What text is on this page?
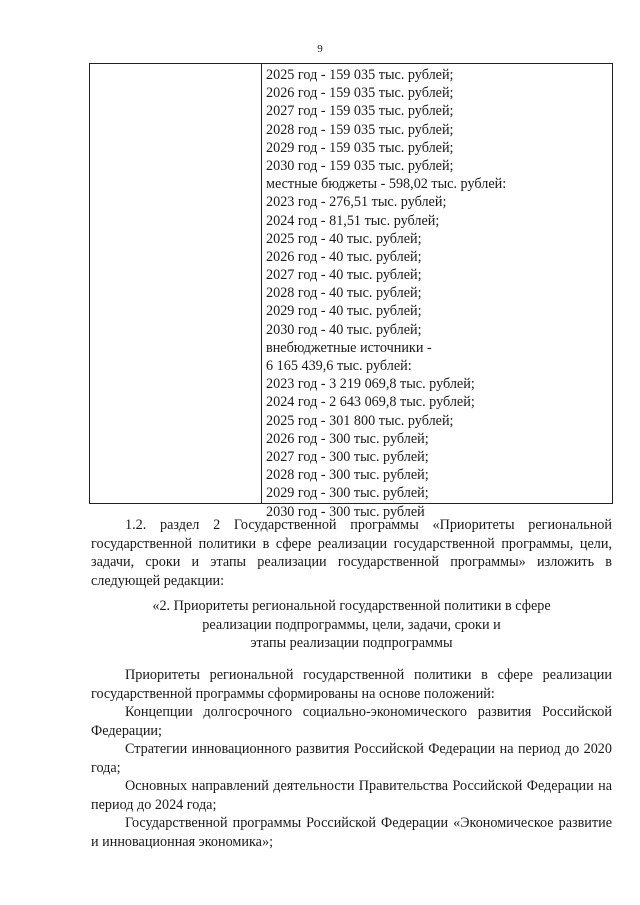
9
2025 год - 159 035 тыс. рублей;
2026 год - 159 035 тыс. рублей;
2027 год - 159 035 тыс. рублей;
2028 год - 159 035 тыс. рублей;
2029 год - 159 035 тыс. рублей;
2030 год - 159 035 тыс. рублей;
местные бюджеты - 598,02 тыс. рублей:
2023 год - 276,51 тыс. рублей;
2024 год - 81,51 тыс. рублей;
2025 год - 40 тыс. рублей;
2026 год - 40 тыс. рублей;
2027 год - 40 тыс. рублей;
2028 год - 40 тыс. рублей;
2029 год - 40 тыс. рублей;
2030 год - 40 тыс. рублей;
внебюджетные источники -
6 165 439,6 тыс. рублей:
2023 год - 3 219 069,8 тыс. рублей;
2024 год - 2 643 069,8 тыс. рублей;
2025 год - 301 800 тыс. рублей;
2026 год - 300 тыс. рублей;
2027 год - 300 тыс. рублей;
2028 год - 300 тыс. рублей;
2029 год - 300 тыс. рублей;
2030 год - 300 тыс. рублей

1.2. раздел 2 Государственной программы «Приоритеты региональной государственной политики в сфере реализации государственной программы, цели, задачи, сроки и этапы реализации государственной программы» изложить в следующей редакции:

«2. Приоритеты региональной государственной политики в сфере
реализации подпрограммы, цели, задачи, сроки и
этапы реализации подпрограммы

Приоритеты региональной государственной политики в сфере реализации государственной программы сформированы на основе положений:

Концепции долгосрочного социально-экономического развития Российской Федерации;

Стратегии инновационного развития Российской Федерации на период до 2020 года;

Основных направлений деятельности Правительства Российской Федерации на период до 2024 года;

Государственной программы Российской Федерации «Экономическое развитие и инновационная экономика»;
